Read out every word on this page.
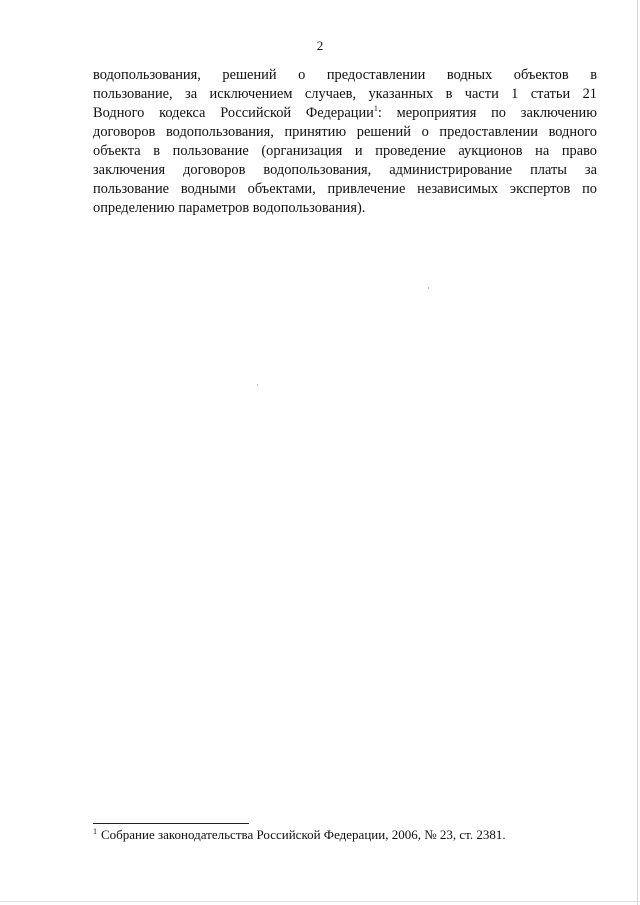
2
водопользования, решений о предоставлении водных объектов в
пользование, за исключением случаев, указанных в части 1 статьи 21
Водного кодекса Российской Федерации$^1$: мероприятия по заключению
договоров водопользования, принятию решений о предоставлении водного
объекта в пользование (организация и проведение аукционов на право
заключения договоров водопользования, администрирование платы за
пользование водными объектами, привлечение независимых экспертов по
определению параметров водопользования).
$^1$ Собрание законодательства Российской Федерации, 2006, № 23, ст. 2381.
